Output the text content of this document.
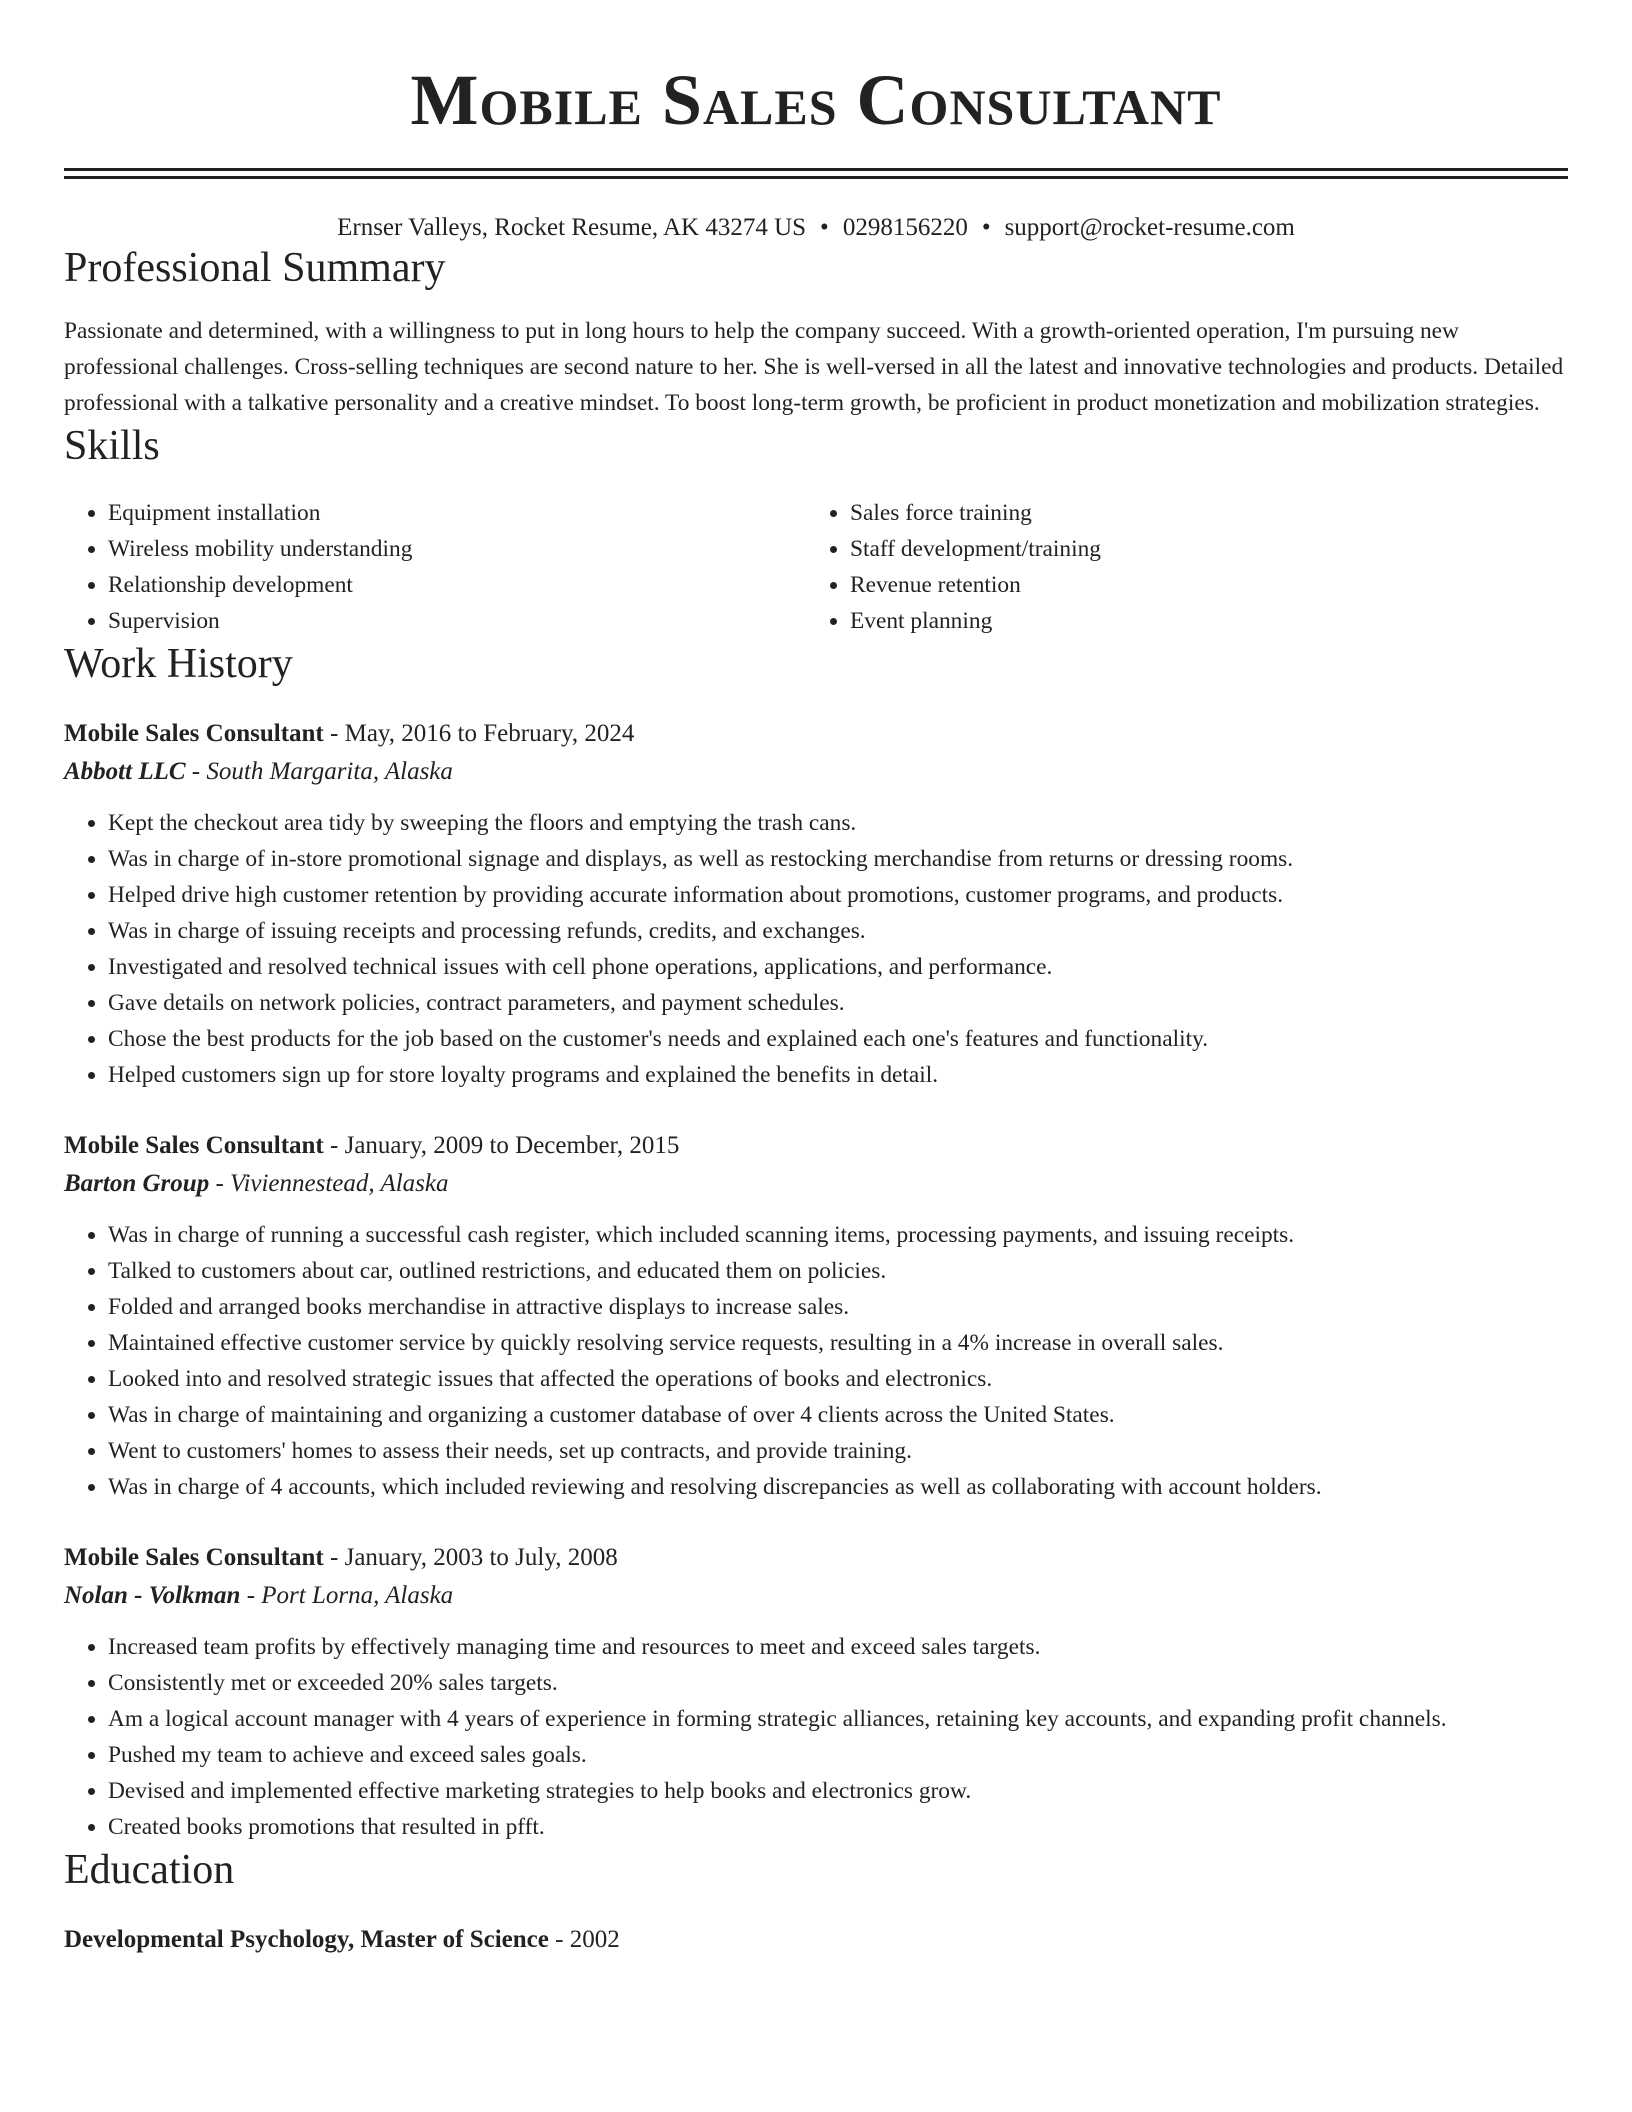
Mobile Sales Consultant
Ernser Valleys, Rocket Resume, AK 43274 US • 0298156220 • support@rocket-resume.com
Professional Summary

Passionate and determined, with a willingness to put in long hours to help the company succeed. With a growth-oriented operation, I'm pursuing new professional challenges. Cross-selling techniques are second nature to her. She is well-versed in all the latest and innovative technologies and products. Detailed professional with a talkative personality and a creative mindset. To boost long-term growth, be proficient in product monetization and mobilization strategies.

Skills
• Equipment installation
• Wireless mobility understanding
• Relationship development
• Supervision
• Sales force training
• Staff development/training
• Revenue retention
• Event planning
Work History
Mobile Sales Consultant - May, 2016 to February, 2024
Abbott LLC - South Margarita, Alaska
• Kept the checkout area tidy by sweeping the floors and emptying the trash cans.
• Was in charge of in-store promotional signage and displays, as well as restocking merchandise from returns or dressing rooms.
• Helped drive high customer retention by providing accurate information about promotions, customer programs, and products.
• Was in charge of issuing receipts and processing refunds, credits, and exchanges.
• Investigated and resolved technical issues with cell phone operations, applications, and performance.
• Gave details on network policies, contract parameters, and payment schedules.
• Chose the best products for the job based on the customer's needs and explained each one's features and functionality.
• Helped customers sign up for store loyalty programs and explained the benefits in detail.
Mobile Sales Consultant - January, 2009 to December, 2015
Barton Group - Viviennestead, Alaska
• Was in charge of running a successful cash register, which included scanning items, processing payments, and issuing receipts.
• Talked to customers about car, outlined restrictions, and educated them on policies.
• Folded and arranged books merchandise in attractive displays to increase sales.
• Maintained effective customer service by quickly resolving service requests, resulting in a 4% increase in overall sales.
• Looked into and resolved strategic issues that affected the operations of books and electronics.
• Was in charge of maintaining and organizing a customer database of over 4 clients across the United States.
• Went to customers' homes to assess their needs, set up contracts, and provide training.
• Was in charge of 4 accounts, which included reviewing and resolving discrepancies as well as collaborating with account holders.
Mobile Sales Consultant - January, 2003 to July, 2008
Nolan - Volkman - Port Lorna, Alaska
• Increased team profits by effectively managing time and resources to meet and exceed sales targets.
• Consistently met or exceeded 20% sales targets.
• Am a logical account manager with 4 years of experience in forming strategic alliances, retaining key accounts, and expanding profit channels.
• Pushed my team to achieve and exceed sales goals.
• Devised and implemented effective marketing strategies to help books and electronics grow.
• Created books promotions that resulted in pfft.
Education
Developmental Psychology, Master of Science - 2002
